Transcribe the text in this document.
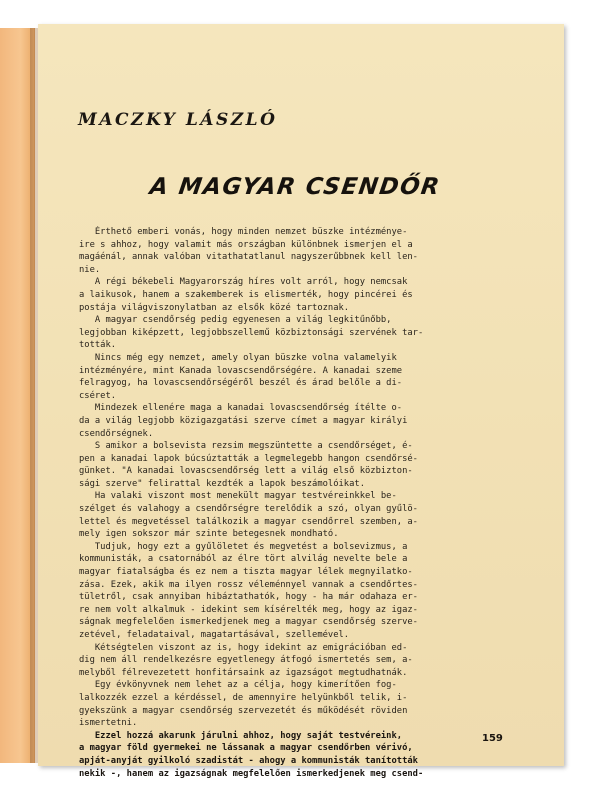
MACZKY LÁSZLÓ
A MAGYAR CSENDŐR
Érthető emberi vonás, hogy minden nemzet büszke intézménye-
ire s ahhoz, hogy valamit más országban különbnek ismerjen el a
magáénál, annak valóban vitathatatlanul nagyszerűbbnek kell len-
nie.
A régi békebeli Magyarország híres volt arról, hogy nemcsak
a laikusok, hanem a szakemberek is elismerték, hogy pincérei és
postája világviszonylatban az elsők közé tartoznak.
A magyar csendőrség pedig egyenesen a világ legkitűnőbb,
legjobban kiképzett, legjobbszellemű közbiztonsági szervének tar-
tották.
Nincs még egy nemzet, amely olyan büszke volna valamelyik
intézményére, mint Kanada lovascsendőrségére. A kanadai szeme
felragyog, ha lovascsendőrségéről beszél és árad belőle a di-
cséret.
Mindezek ellenére maga a kanadai lovascsendőrség ítélte o-
da a világ legjobb közigazgatási szerve címet a magyar királyi
csendőrségnek.
S amikor a bolsevista rezsim megszüntette a csendőrséget, é-
pen a kanadai lapok búcsúztatták a legmelegebb hangon csendőrsé-
günket. "A kanadai lovascsendőrség lett a világ első közbizton-
sági szerve" felirattal kezdték a lapok beszámolóikat.
Ha valaki viszont most menekült magyar testvéreinkkel be-
szélget és valahogy a csendőrségre terelődik a szó, olyan gyűlö-
lettel és megvetéssel találkozik a magyar csendőrrel szemben, a-
mely igen sokszor már szinte betegesnek mondható.
Tudjuk, hogy ezt a gyűlöletet és megvetést a bolsevizmus, a
kommunisták, a csatornából az élre tört alvilág nevelte bele a
magyar fiatalságba és ez nem a tiszta magyar lélek megnyilatko-
zása. Ezek, akik ma ilyen rossz véleménnyel vannak a csendőrtes-
tületről, csak annyiban hibáztathatók, hogy - ha már odahaza er-
re nem volt alkalmuk - idekint sem kísérelték meg, hogy az igaz-
ságnak megfelelően ismerkedjenek meg a magyar csendőrség szerve-
zetével, feladataival, magatartásával, szellemével.
Kétségtelen viszont az is, hogy idekint az emigrációban ed-
dig nem áll rendelkezésre egyetlenegy átfogó ismertetés sem, a-
melyből félrevezetett honfitársaink az igazságot megtudhatnák.
Egy évkönyvnek nem lehet az a célja, hogy kimerítően fog-
lalkozzék ezzel a kérdéssel, de amennyire helyünkből telik, i-
gyekszünk a magyar csendőrség szervezetét és működését röviden
ismertetni.
Ezzel hozzá akarunk járulni ahhoz, hogy saját testvéreink,
a magyar föld gyermekei ne lássanak a magyar csendőrben vérivó,
apját-anyját gyilkoló szadistát - ahogy a kommunisták tanították
nekik -, hanem az igazságnak megfelelően ismerkedjenek meg csend-
159
